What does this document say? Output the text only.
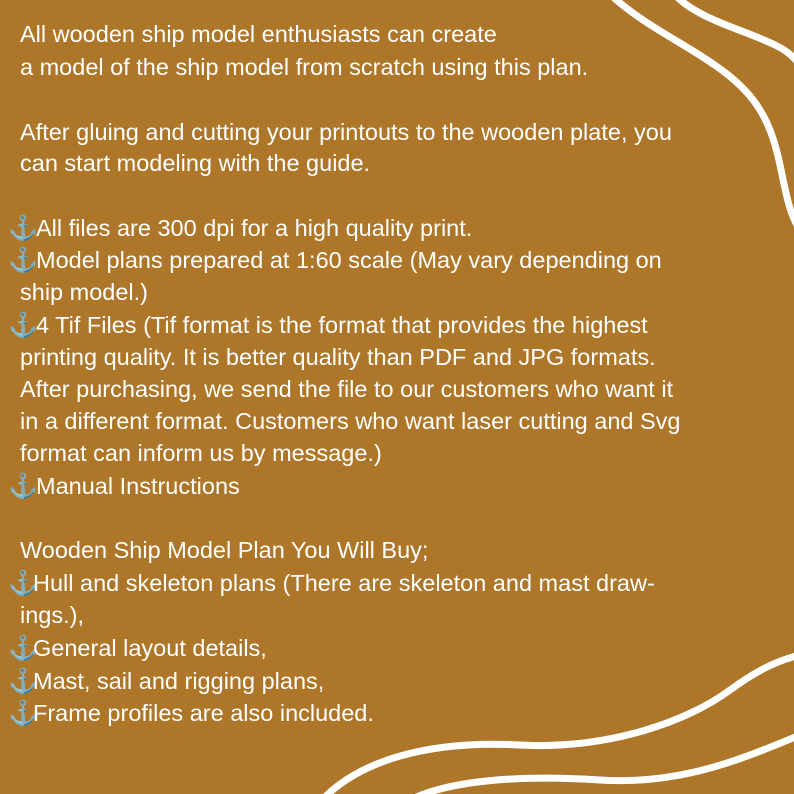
All wooden ship model enthusiasts can create
a model of the ship model from scratch using this plan.
After gluing and cutting your printouts to the wooden plate, you
can start modeling with the guide.
⚓All files are 300 dpi for a high quality print.
⚓Model plans prepared at 1:60 scale (May vary depending on
ship model.)
⚓4 Tif Files (Tif format is the format that provides the highest
printing quality. It is better quality than PDF and JPG formats.
After purchasing, we send the file to our customers who want it
in a different format. Customers who want laser cutting and Svg
format can inform us by message.)
⚓Manual Instructions
Wooden Ship Model Plan You Will Buy;
⚓Hull and skeleton plans (There are skeleton and mast draw-
ings.),
⚓General layout details,
⚓Mast, sail and rigging plans,
⚓Frame profiles are also included.
